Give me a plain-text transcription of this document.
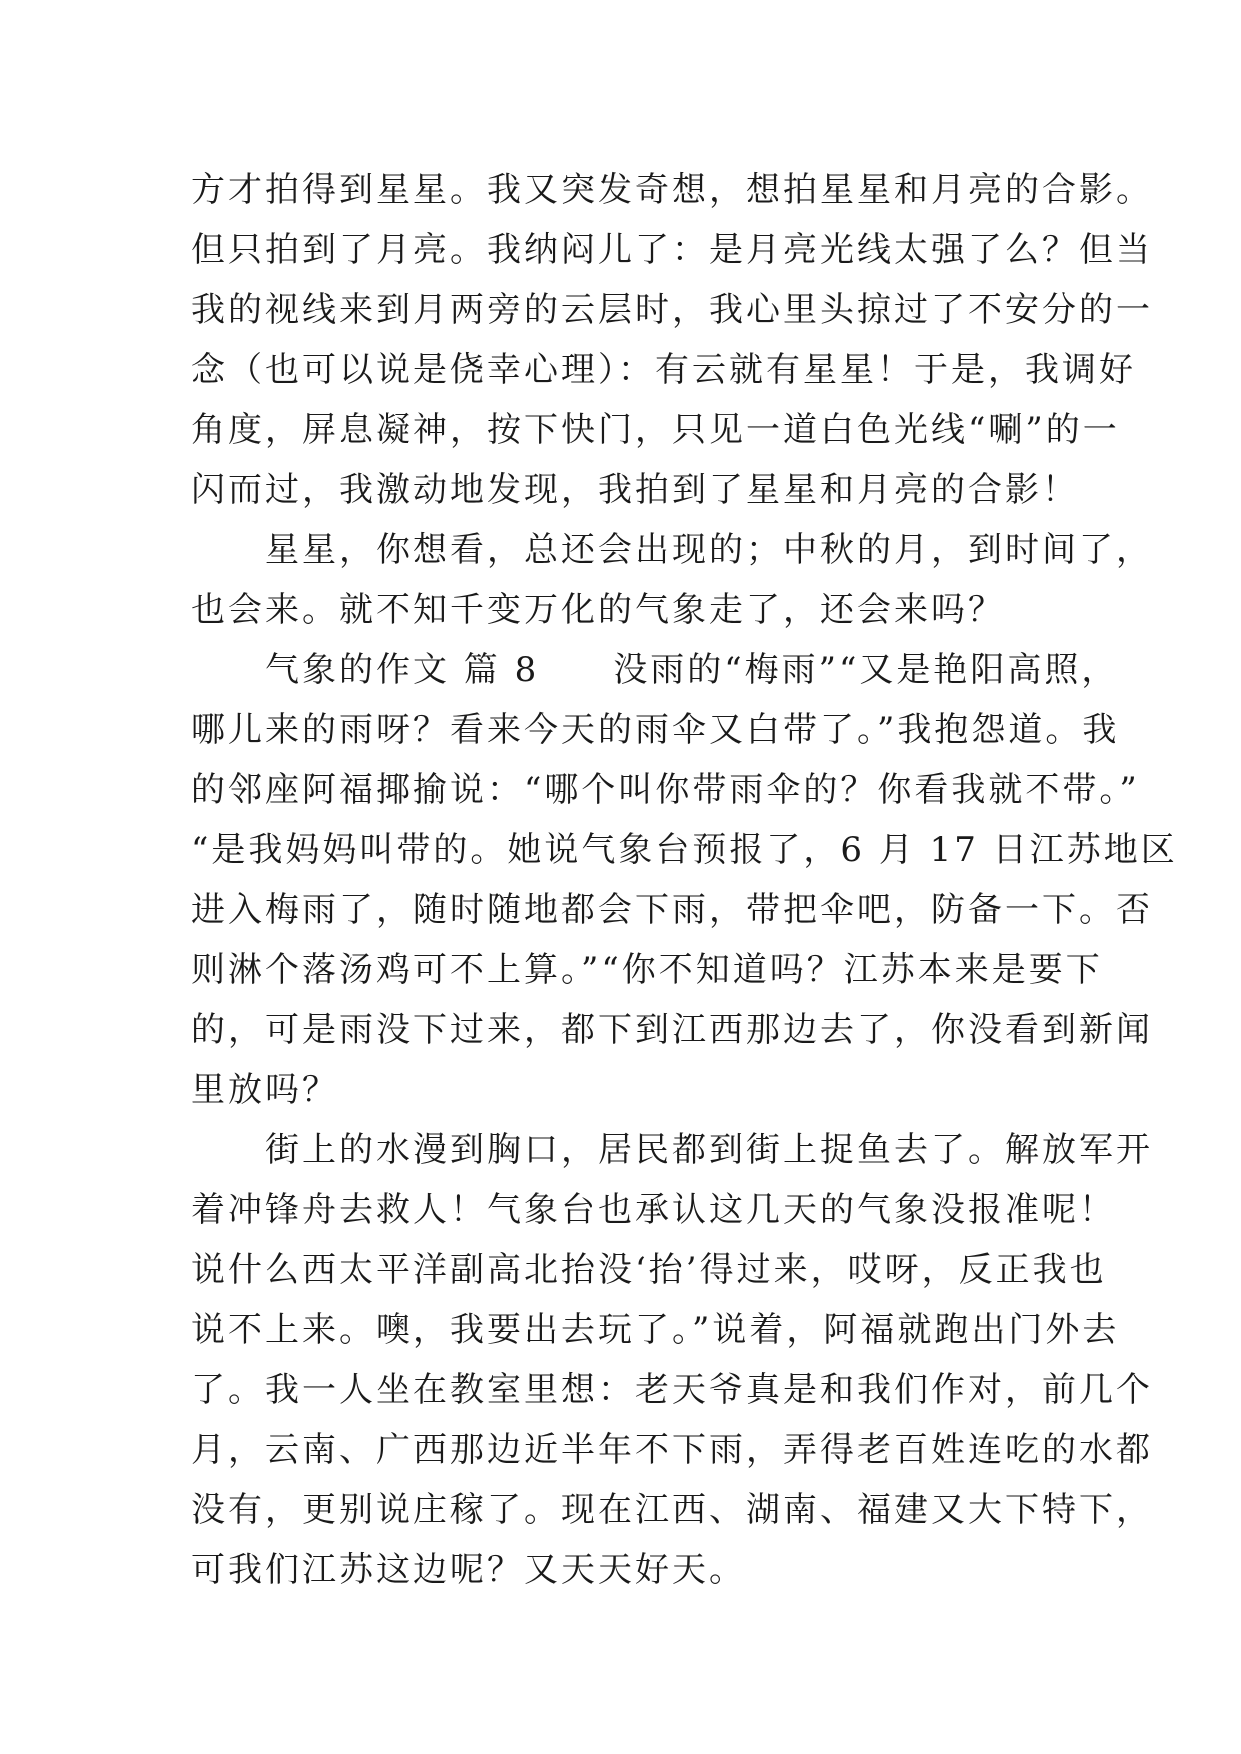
方才拍得到星星。我又突发奇想，想拍星星和月亮的合影。
但只拍到了月亮。我纳闷儿了：是月亮光线太强了么？但当
我的视线来到月两旁的云层时，我心里头掠过了不安分的一
念（也可以说是侥幸心理）：有云就有星星！于是，我调好
角度，屏息凝神，按下快门，只见一道白色光线“唰”的一
闪而过，我激动地发现，我拍到了星星和月亮的合影！
　　星星，你想看，总还会出现的；中秋的月，到时间了，
也会来。就不知千变万化的气象走了，还会来吗？
　　气象的作文 篇 8　　没雨的“梅雨”“又是艳阳高照，
哪儿来的雨呀？看来今天的雨伞又白带了。”我抱怨道。我
的邻座阿福揶揄说：“哪个叫你带雨伞的？你看我就不带。”
“是我妈妈叫带的。她说气象台预报了，6 月 17 日江苏地区
进入梅雨了，随时随地都会下雨，带把伞吧，防备一下。否
则淋个落汤鸡可不上算。”“你不知道吗？江苏本来是要下
的，可是雨没下过来，都下到江西那边去了，你没看到新闻
里放吗？
　　街上的水漫到胸口，居民都到街上捉鱼去了。解放军开
着冲锋舟去救人！气象台也承认这几天的气象没报准呢！
说什么西太平洋副高北抬没‘抬’得过来，哎呀，反正我也
说不上来。噢，我要出去玩了。”说着，阿福就跑出门外去
了。我一人坐在教室里想：老天爷真是和我们作对，前几个
月，云南、广西那边近半年不下雨，弄得老百姓连吃的水都
没有，更别说庄稼了。现在江西、湖南、福建又大下特下，
可我们江苏这边呢？又天天好天。
